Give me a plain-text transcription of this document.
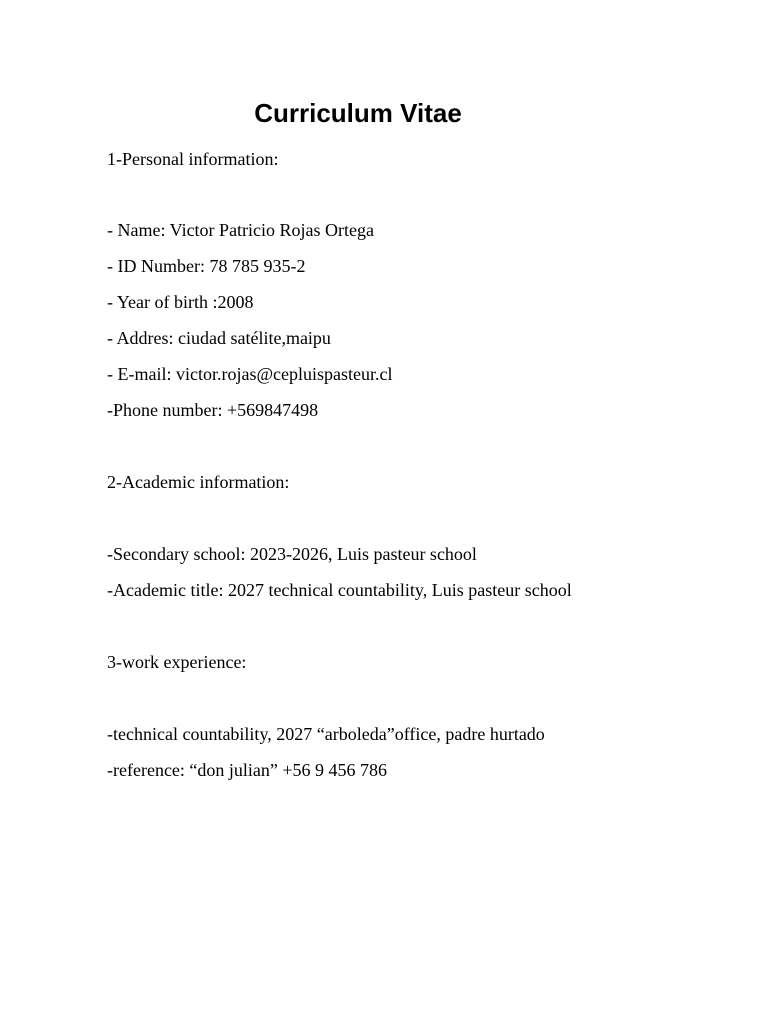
Curriculum Vitae
1-Personal information:
- Name: Victor Patricio Rojas Ortega
- ID Number: 78 785 935-2
- Year of birth :2008
- Addres: ciudad satélite,maipu
- E-mail: victor.rojas@cepluispasteur.cl
-Phone number: +569847498
2-Academic information:
-Secondary school: 2023-2026, Luis pasteur school
-Academic title: 2027 technical countability, Luis pasteur school
3-work experience:
-technical countability, 2027 “arboleda”office, padre hurtado
-reference: “don julian” +56 9 456 786
